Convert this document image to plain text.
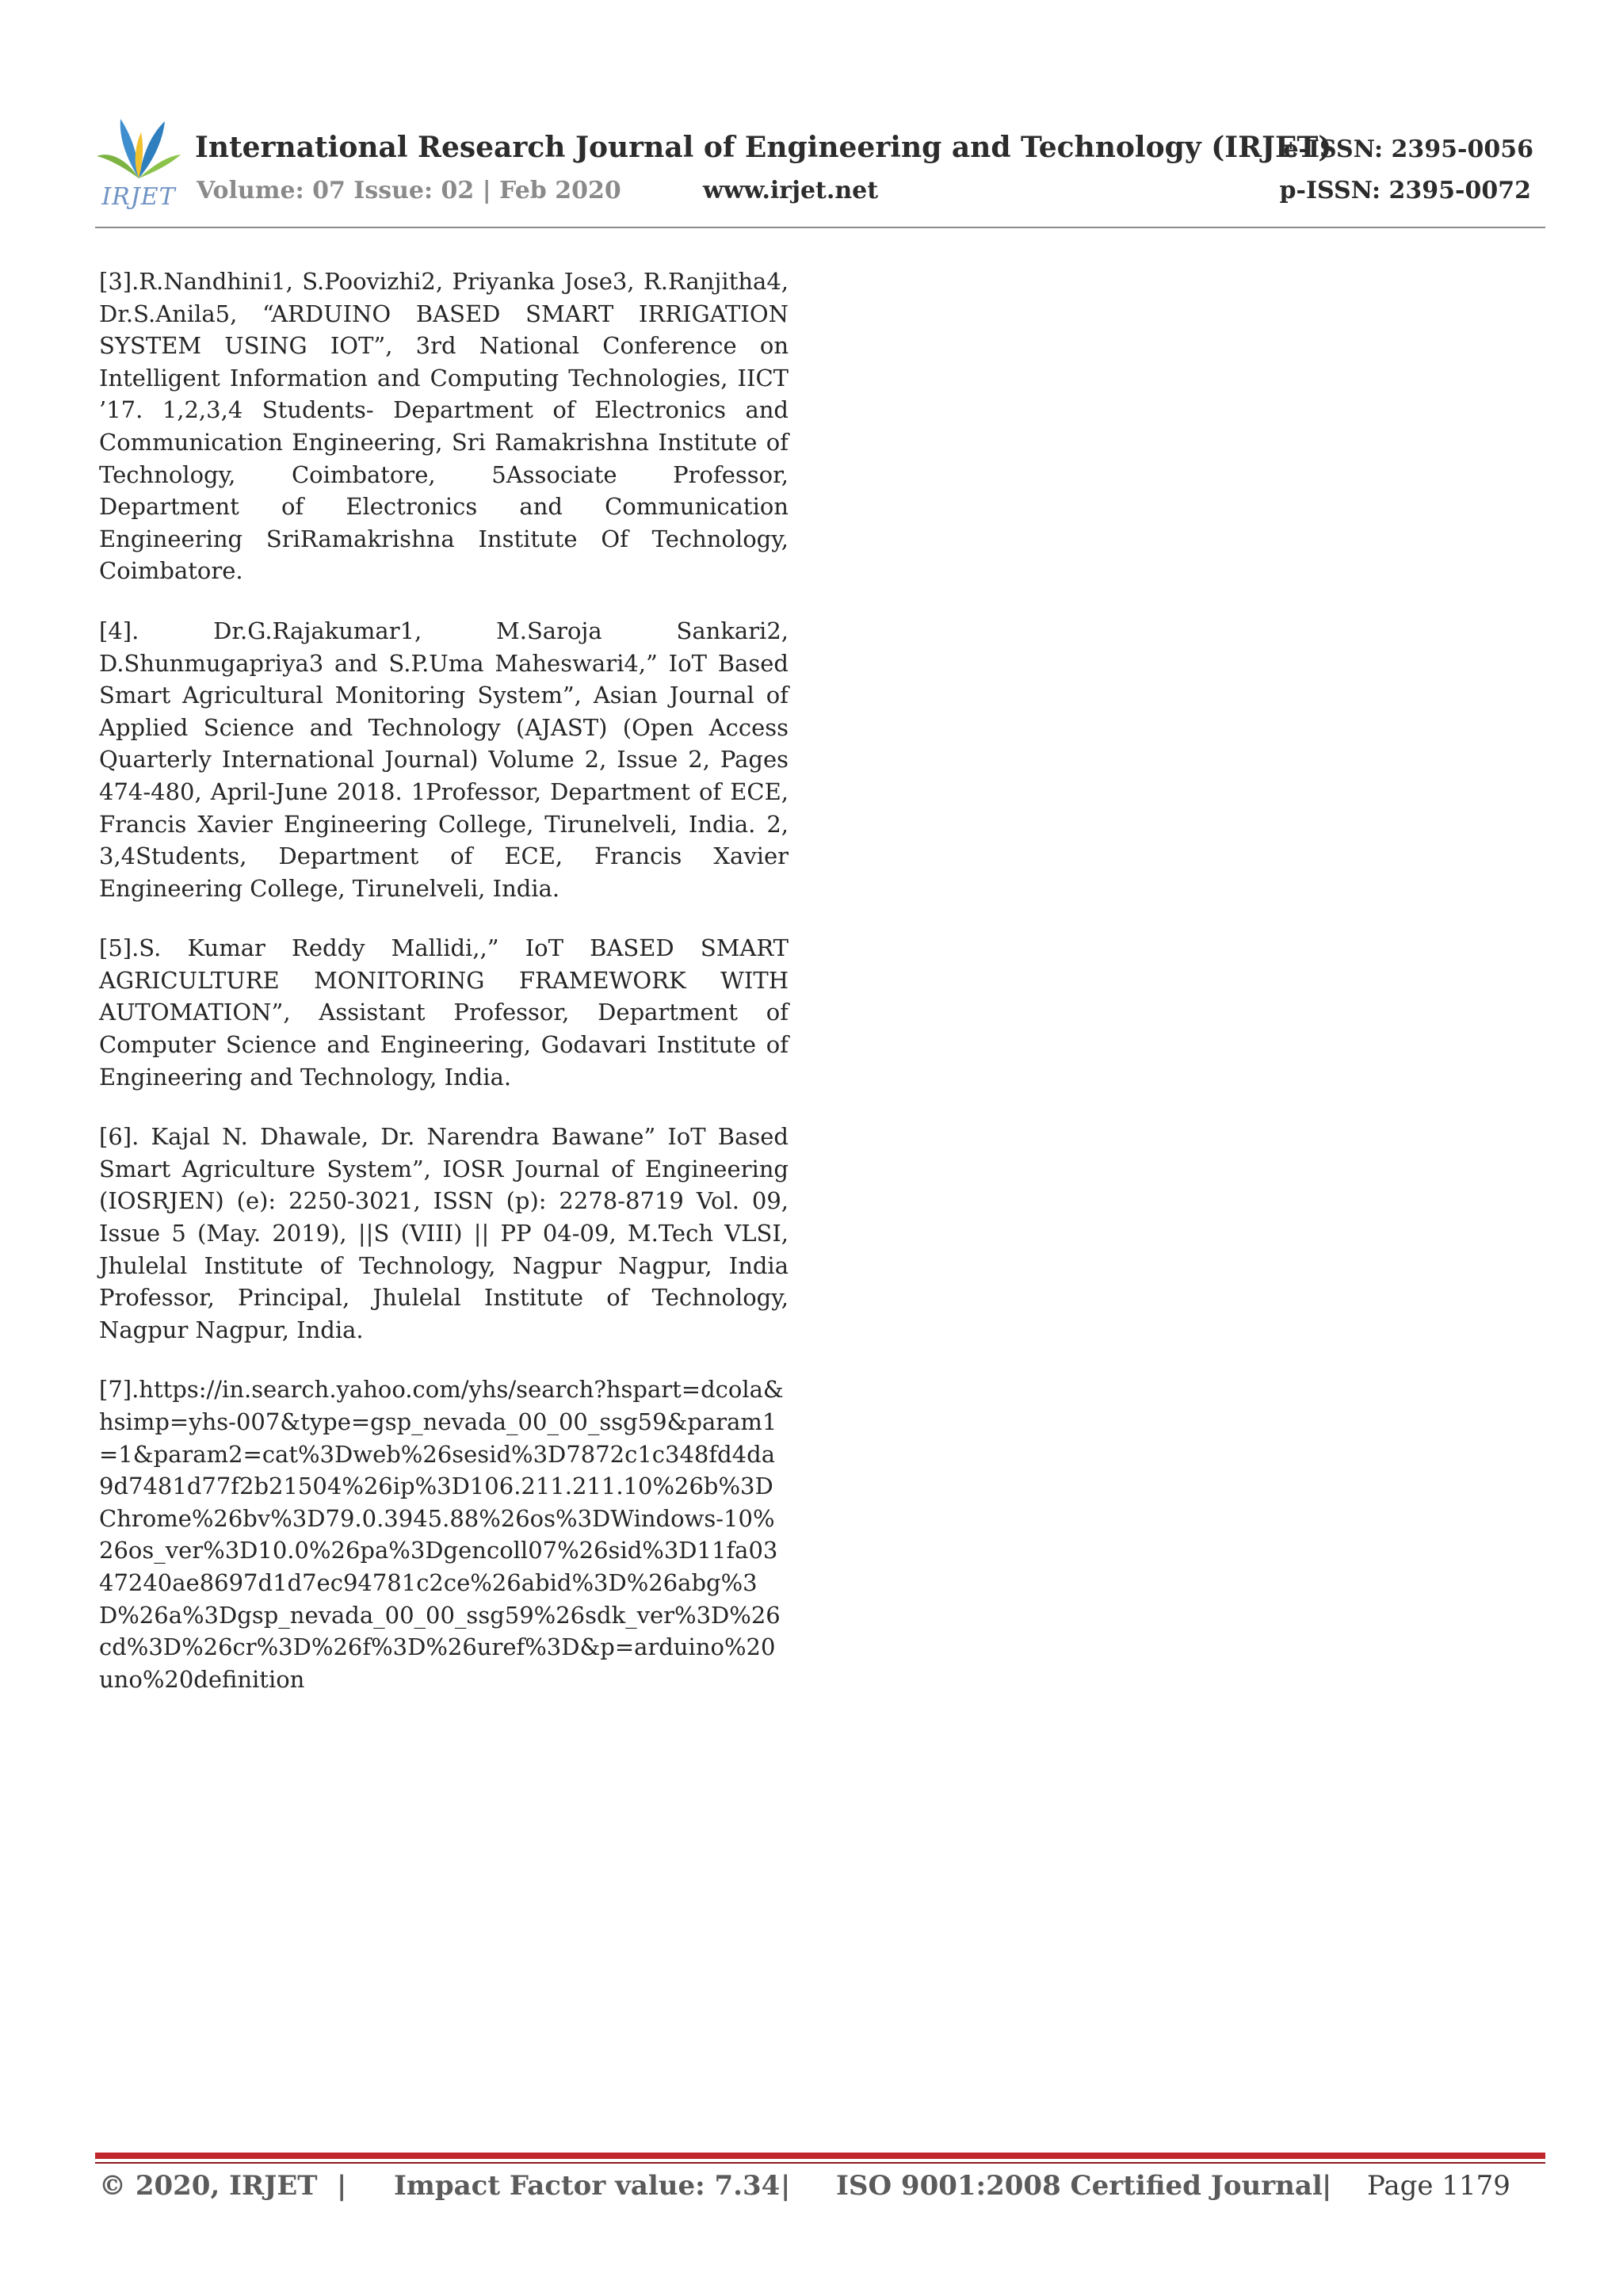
IRJET
International Research Journal of Engineering and Technology (IRJET)
e-ISSN: 2395-0056
Volume: 07 Issue: 02 | Feb 2020	www.irjet.net	p-ISSN: 2395-0072

[3].R.Nandhini1, S.Poovizhi2, Priyanka Jose3, R.Ranjitha4, Dr.S.Anila5, “ARDUINO BASED SMART IRRIGATION SYSTEM USING IOT”, 3rd National Conference on Intelligent Information and Computing Technologies, IICT ’17. 1,2,3,4 Students- Department of Electronics and Communication Engineering, Sri Ramakrishna Institute of Technology, Coimbatore, 5Associate Professor, Department of Electronics and Communication Engineering SriRamakrishna Institute Of Technology, Coimbatore.

[4]. Dr.G.Rajakumar1, M.Saroja Sankari2, D.Shunmugapriya3 and S.P.Uma Maheswari4,” IoT Based Smart Agricultural Monitoring System”, Asian Journal of Applied Science and Technology (AJAST) (Open Access Quarterly International Journal) Volume 2, Issue 2, Pages 474-480, April-June 2018. 1Professor, Department of ECE, Francis Xavier Engineering College, Tirunelveli, India. 2, 3,4Students, Department of ECE, Francis Xavier Engineering College, Tirunelveli, India.

[5].S. Kumar Reddy Mallidi,,” IoT BASED SMART AGRICULTURE MONITORING FRAMEWORK WITH AUTOMATION”, Assistant Professor, Department of Computer Science and Engineering, Godavari Institute of Engineering and Technology, India.

[6]. Kajal N. Dhawale, Dr. Narendra Bawane” IoT Based Smart Agriculture System”, IOSR Journal of Engineering (IOSRJEN) (e): 2250-3021, ISSN (p): 2278-8719 Vol. 09, Issue 5 (May. 2019), ||S (VIII) || PP 04-09, M.Tech VLSI, Jhulelal Institute of Technology, Nagpur Nagpur, India Professor, Principal, Jhulelal Institute of Technology, Nagpur Nagpur, India.

[7].https://in.search.yahoo.com/yhs/search?hspart=dcola&hsimp=yhs-007&type=gsp_nevada_00_00_ssg59&param1=1&param2=cat%3Dweb%26sesid%3D7872c1c348fd4da9d7481d77f2b21504%26ip%3D106.211.211.10%26b%3DChrome%26bv%3D79.0.3945.88%26os%3DWindows-10%26os_ver%3D10.0%26pa%3Dgencoll07%26sid%3D11fa0347240ae8697d1d7ec94781c2ce%26abid%3D%26abg%3D%26a%3Dgsp_nevada_00_00_ssg59%26sdk_ver%3D%26cd%3D%26cr%3D%26f%3D%26uref%3D&p=arduino%20uno%20definition

© 2020, IRJET | Impact Factor value: 7.34 | ISO 9001:2008 Certified Journal | Page 1179
